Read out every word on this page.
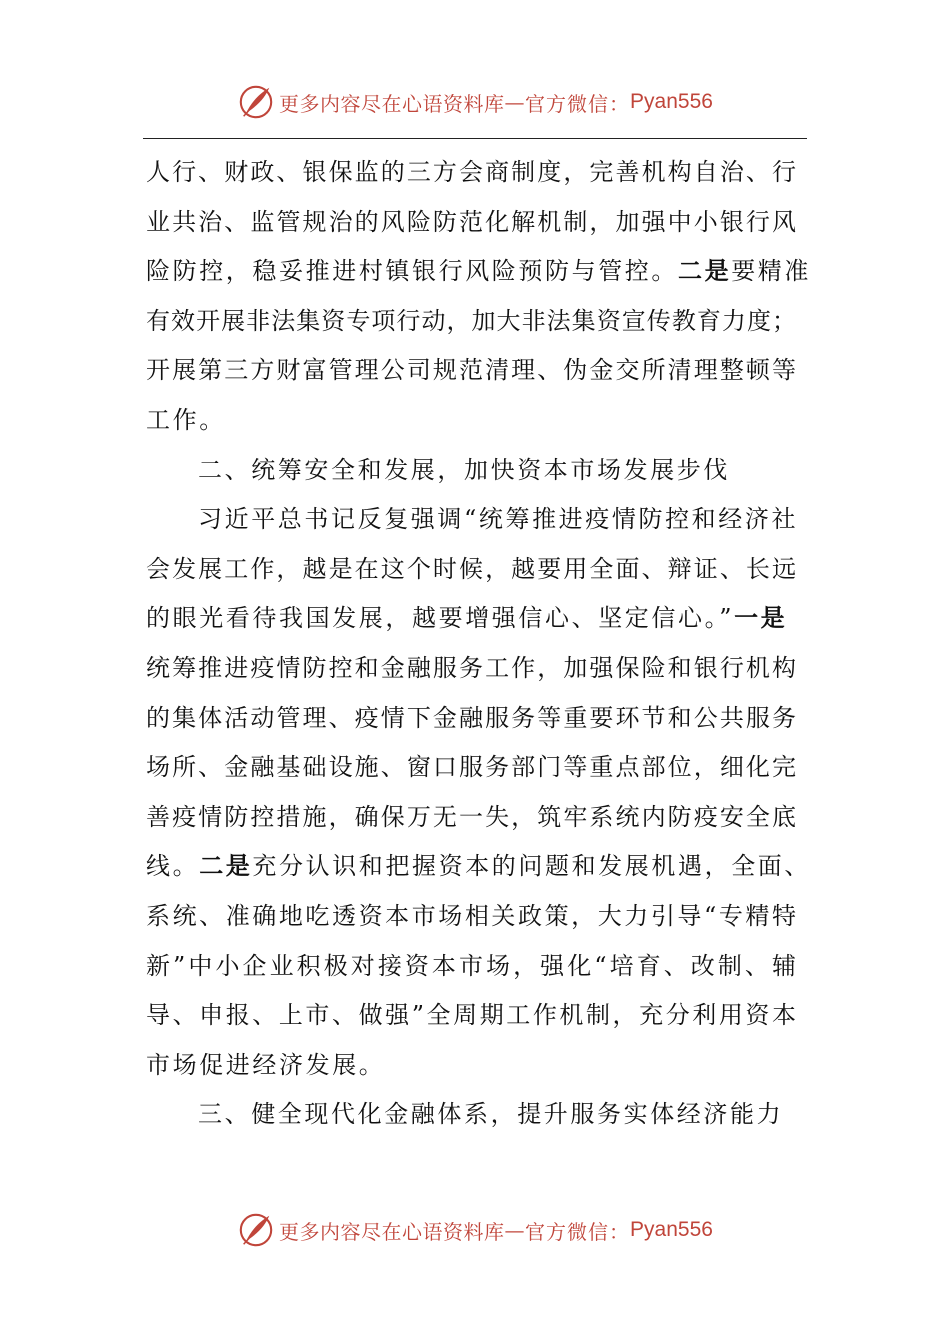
更多内容尽在心语资料库 — 官方微信： Pyan556
人行、财政、银保监的三方会商制度，完善机构自治、行
业共治、监管规治的风险防范化解机制，加强中小银行风
险防控，稳妥推进村镇银行风险预防与管控。二是要精准
有效开展非法集资专项行动，加大非法集资宣传教育力度；
开展第三方财富管理公司规范清理、伪金交所清理整顿等
工作。
二、统筹安全和发展，加快资本市场发展步伐
习近平总书记反复强调“统筹推进疫情防控和经济社
会发展工作，越是在这个时候，越要用全面、辩证、长远
的眼光看待我国发展，越要增强信心、坚定信心。”一是
统筹推进疫情防控和金融服务工作，加强保险和银行机构
的集体活动管理、疫情下金融服务等重要环节和公共服务
场所、金融基础设施、窗口服务部门等重点部位，细化完
善疫情防控措施，确保万无一失，筑牢系统内防疫安全底
线。二是充分认识和把握资本的问题和发展机遇，全面、
系统、准确地吃透资本市场相关政策，大力引导“专精特
新”中小企业积极对接资本市场，强化“培育、改制、辅
导、申报、上市、做强”全周期工作机制，充分利用资本
市场促进经济发展。
三、健全现代化金融体系，提升服务实体经济能力
更多内容尽在心语资料库 — 官方微信： Pyan556
